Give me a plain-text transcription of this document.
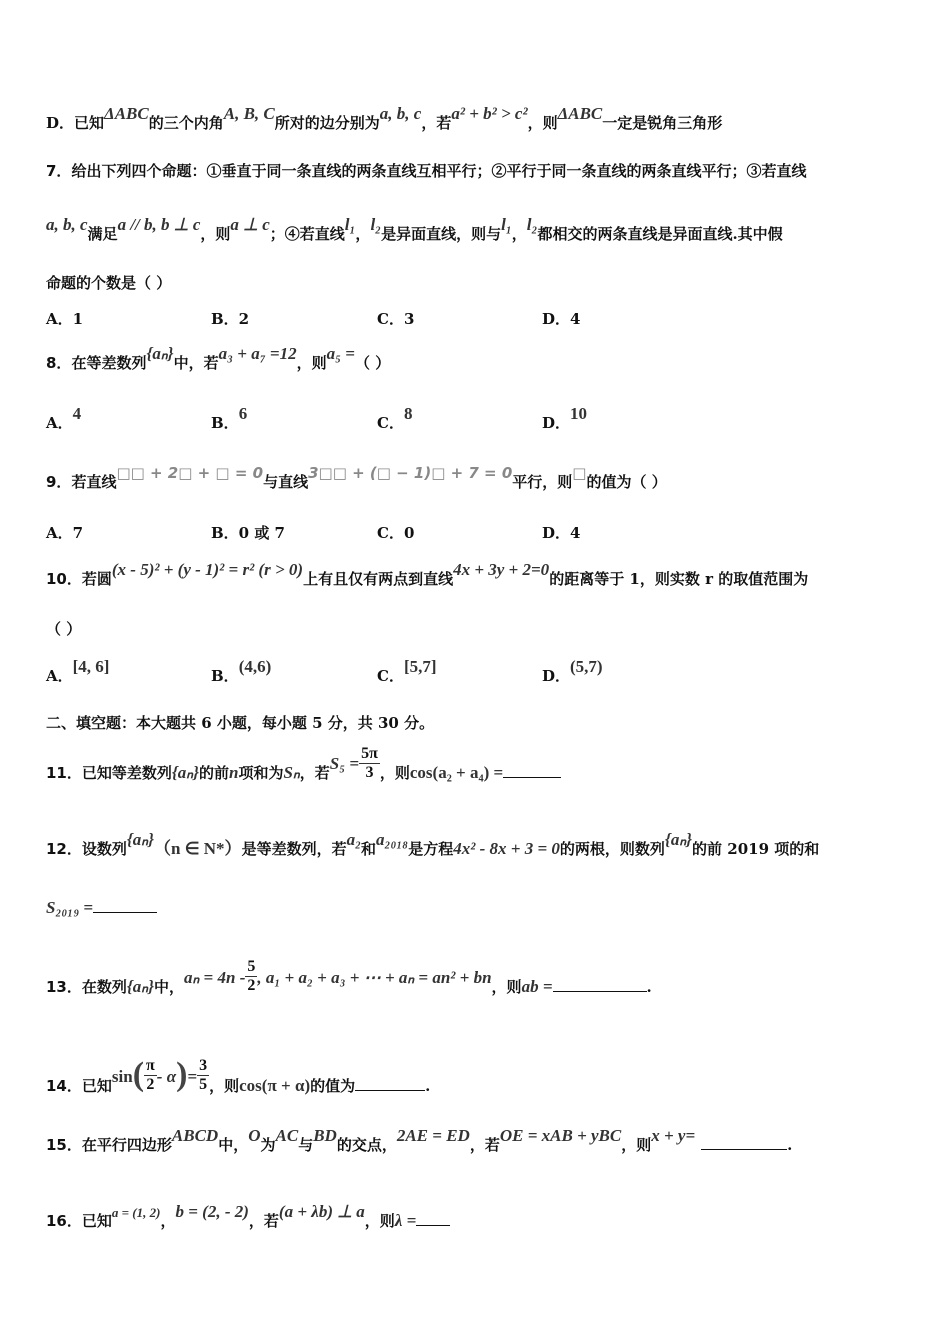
D．已知ΔABC的三个内角A, B, C所对的边分别为a, b, c，若a² + b² > c²，则ΔABC一定是锐角三角形
7．给出下列四个命题：①垂直于同一条直线的两条直线互相平行；②平行于同一条直线的两条直线平行；③若直线
a, b, c满足a // b, b ⊥ c，则a ⊥ c；④若直线l₁，l₂是异面直线，则与l₁，l₂都相交的两条直线是异面直线.其中假
命题的个数是（ ）
A．1	B．2	C．3	D．4
8．在等差数列{aₙ}中，若a₃ + a₇ =12，则a₅ =（ ）
A．4	B．6	C．8	D．10
9．若直线□□ + 2□ + □ = 0与直线3□□ + (□ − 1)□ + 7 = 0平行，则□的值为（ ）
A．7	B．0 或 7	C．0	D．4
10．若圆(x - 5)² + (y - 1)² = r² (r > 0)上有且仅有两点到直线4x + 3y + 2=0的距离等于 1，则实数 r 的取值范围为
（ ）
A．[4, 6]	B．(4,6)	C．[5,7]	D．(5,7)
二、填空题：本大题共 6 小题，每小题 5 分，共 30 分。
11．已知等差数列{aₙ}的前n项和为Sₙ，若$S_5 = \frac{5\pi}{3}$ ，则cos(a₂ + a₄) =
12．设数列{aₙ}（n ∈ N*）是等差数列，若a₂和a₂₀₁₈是方程4x² - 8x + 3 = 0的两根，则数列{aₙ}的前 2019 项的和
S₂₀₁₉ =
13．在数列{aₙ}中，$a_n = 4n - \frac{5}{2}$ , a₁ + a₂ + a₃ + ⋯ + aₙ = an² + bn，则ab =	.
14．已知$\sin( \frac{\pi}{2} - \alpha)= \frac{3}{5}$ ，则cos(π + α)的值为	.
15．在平行四边形ABCD中，O为AC与BD的交点，2AE = ED，若OE = xAB + yBC，则x + y=	.
16．已知a = (1, 2)，b = (2, - 2)，若(a + λb) ⊥ a，则λ =
